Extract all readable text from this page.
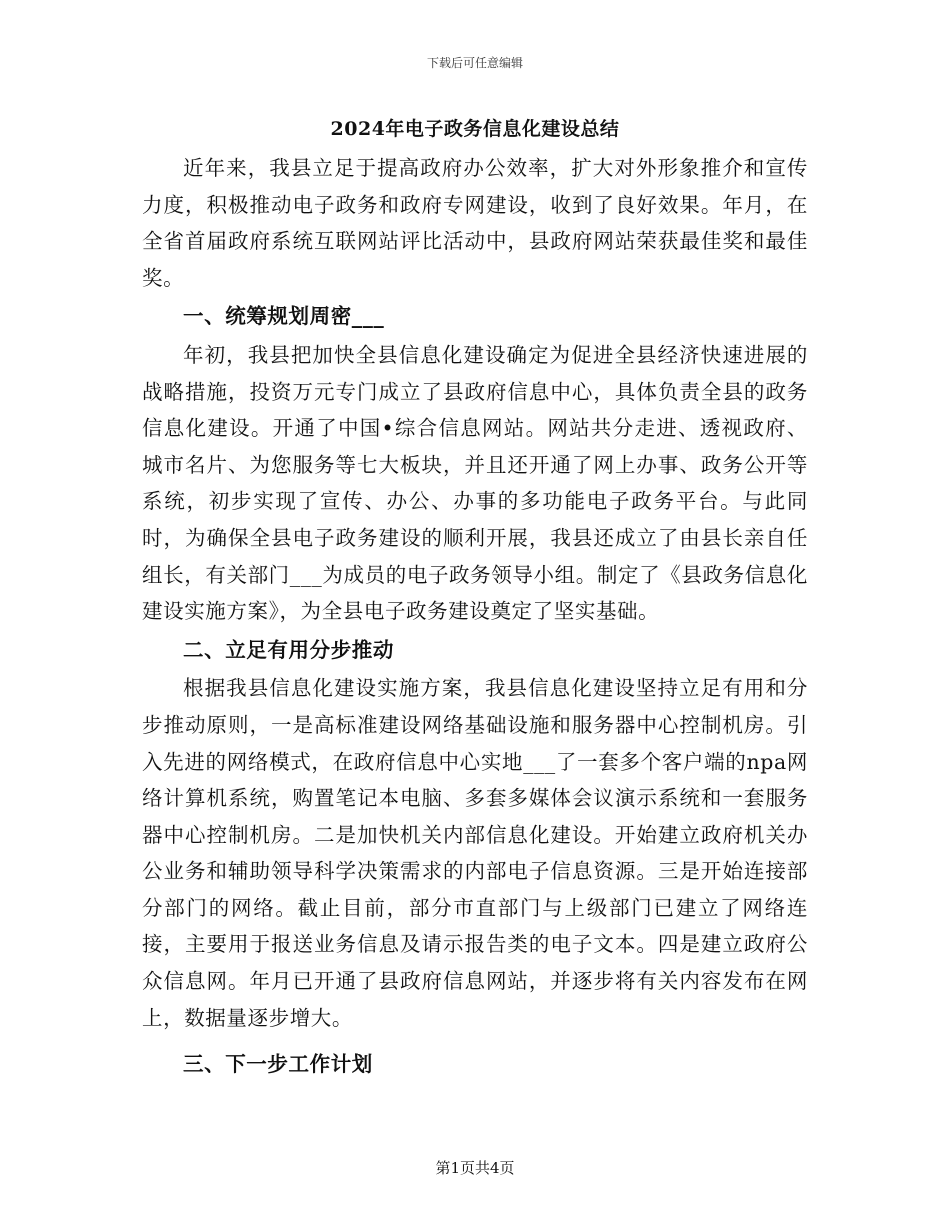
下载后可任意编辑
2024年电子政务信息化建设总结

近年来，我县立足于提高政府办公效率，扩大对外形象推介和宣传力度，积极推动电子政务和政府专网建设，收到了良好效果。年月，在全省首届政府系统互联网站评比活动中，县政府网站荣获最佳奖和最佳奖。

一、统筹规划周密___

年初，我县把加快全县信息化建设确定为促进全县经济快速进展的战略措施，投资万元专门成立了县政府信息中心，具体负责全县的政务信息化建设。开通了中国•综合信息网站。网站共分走进、透视政府、城市名片、为您服务等七大板块，并且还开通了网上办事、政务公开等系统，初步实现了宣传、办公、办事的多功能电子政务平台。与此同时，为确保全县电子政务建设的顺利开展，我县还成立了由县长亲自任组长，有关部门___为成员的电子政务领导小组。制定了《县政务信息化建设实施方案》，为全县电子政务建设奠定了坚实基础。

二、立足有用分步推动

根据我县信息化建设实施方案，我县信息化建设坚持立足有用和分步推动原则，一是高标准建设网络基础设施和服务器中心控制机房。引入先进的网络模式，在政府信息中心实地___了一套多个客户端的npa网络计算机系统，购置笔记本电脑、多套多媒体会议演示系统和一套服务器中心控制机房。二是加快机关内部信息化建设。开始建立政府机关办公业务和辅助领导科学决策需求的内部电子信息资源。三是开始连接部分部门的网络。截止目前，部分市直部门与上级部门已建立了网络连接，主要用于报送业务信息及请示报告类的电子文本。四是建立政府公众信息网。年月已开通了县政府信息网站，并逐步将有关内容发布在网上，数据量逐步增大。

三、下一步工作计划
第1页共4页
